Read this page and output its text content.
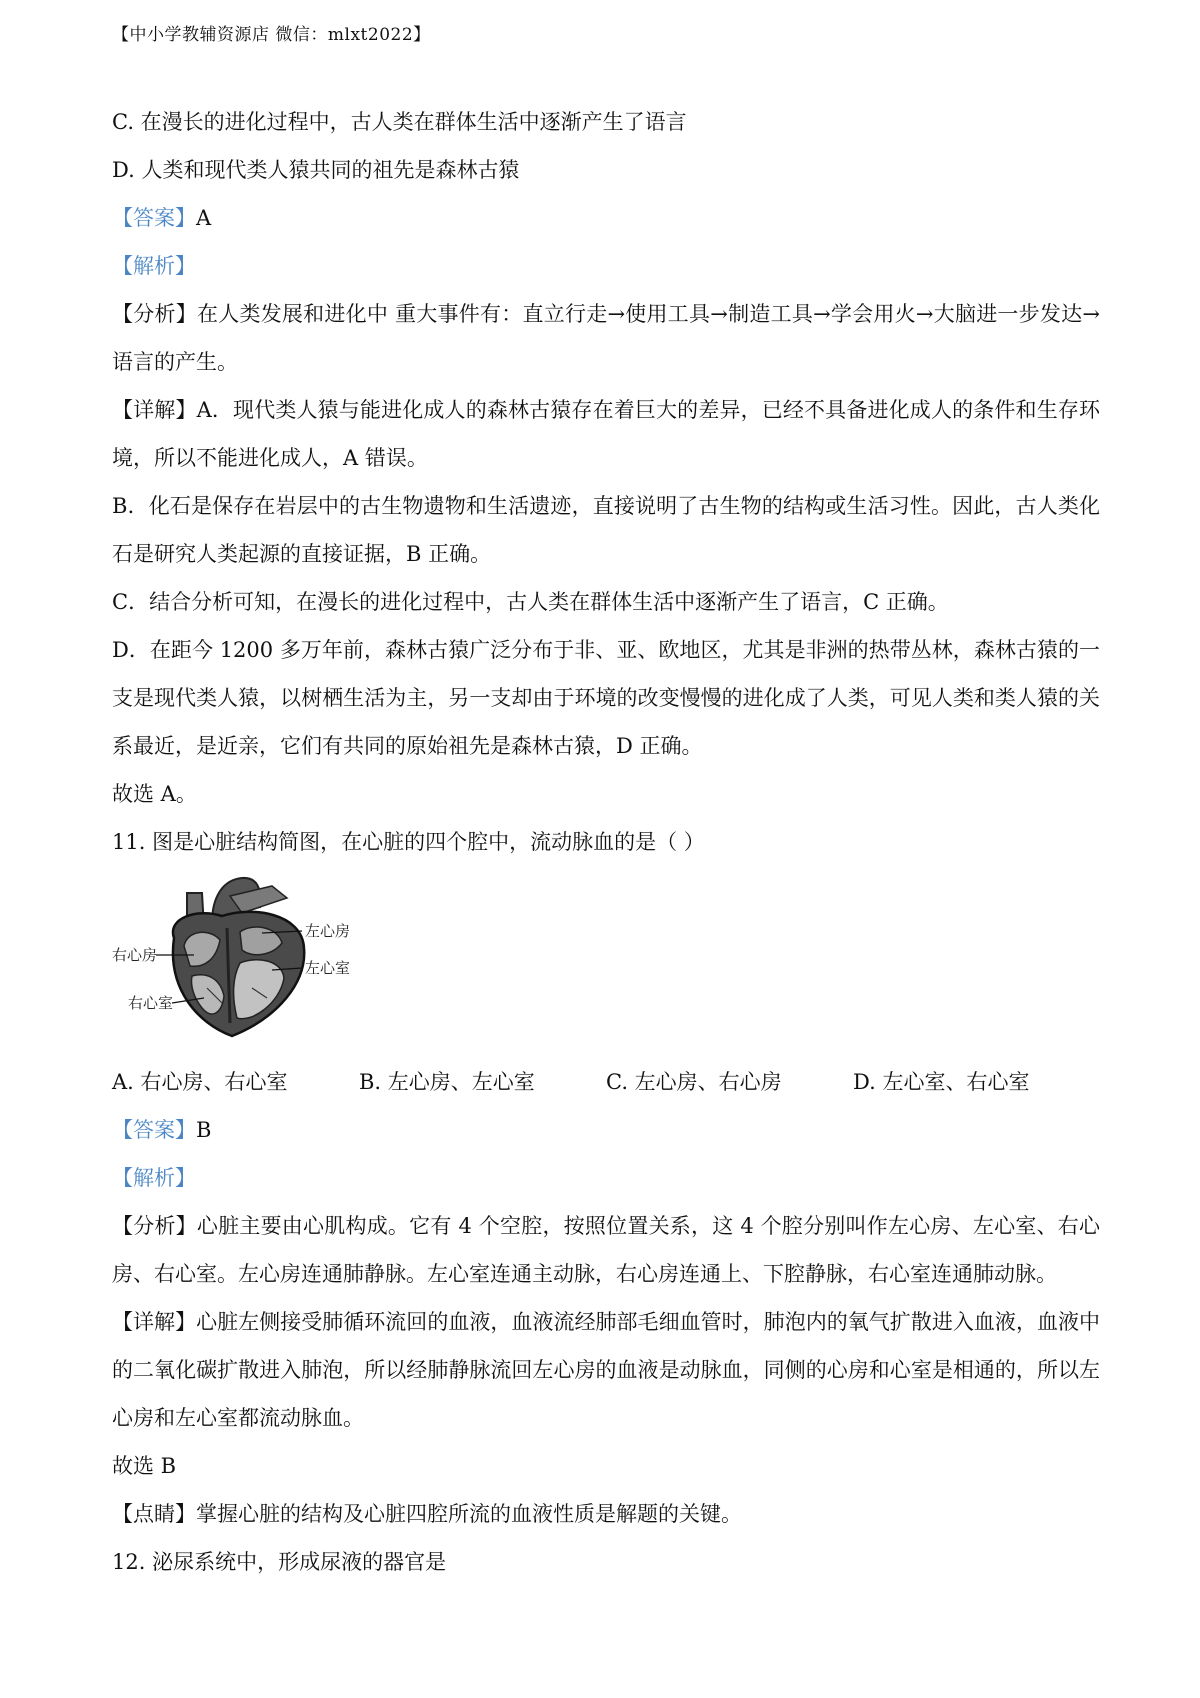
【中小学教辅资源店 微信：mlxt2022】

C. 在漫长的进化过程中，古人类在群体生活中逐渐产生了语言

D. 人类和现代类人猿共同的祖先是森林古猿

【答案】A

【解析】

【分析】在人类发展和进化中 重大事件有：直立行走→使用工具→制造工具→学会用火→大脑进一步发达→语言的产生。

【详解】A．现代类人猿与能进化成人的森林古猿存在着巨大的差异，已经不具备进化成人的条件和生存环境，所以不能进化成人，A 错误。

B．化石是保存在岩层中的古生物遗物和生活遗迹，直接说明了古生物的结构或生活习性。因此，古人类化石是研究人类起源的直接证据，B 正确。

C．结合分析可知，在漫长的进化过程中，古人类在群体生活中逐渐产生了语言，C 正确。

D．在距今 1200 多万年前，森林古猿广泛分布于非、亚、欧地区，尤其是非洲的热带丛林，森林古猿的一支是现代类人猿，以树栖生活为主，另一支却由于环境的改变慢慢的进化成了人类，可见人类和类人猿的关系最近，是近亲，它们有共同的原始祖先是森林古猿，D 正确。

故选 A。

11. 图是心脏结构简图，在心脏的四个腔中，流动脉血的是（ ）

左心房
左心室
右心房
右心室
A. 右心房、右心室	B. 左心房、左心室	C. 左心房、右心房	D. 左心室、右心室

【答案】B

【解析】

【分析】心脏主要由心肌构成。它有 4 个空腔，按照位置关系，这 4 个腔分别叫作左心房、左心室、右心房、右心室。左心房连通肺静脉。左心室连通主动脉，右心房连通上、下腔静脉，右心室连通肺动脉。

【详解】心脏左侧接受肺循环流回的血液，血液流经肺部毛细血管时，肺泡内的氧气扩散进入血液，血液中的二氧化碳扩散进入肺泡，所以经肺静脉流回左心房的血液是动脉血，同侧的心房和心室是相通的，所以左心房和左心室都流动脉血。

故选 B

【点睛】掌握心脏的结构及心脏四腔所流的血液性质是解题的关键。

12. 泌尿系统中，形成尿液的器官是
